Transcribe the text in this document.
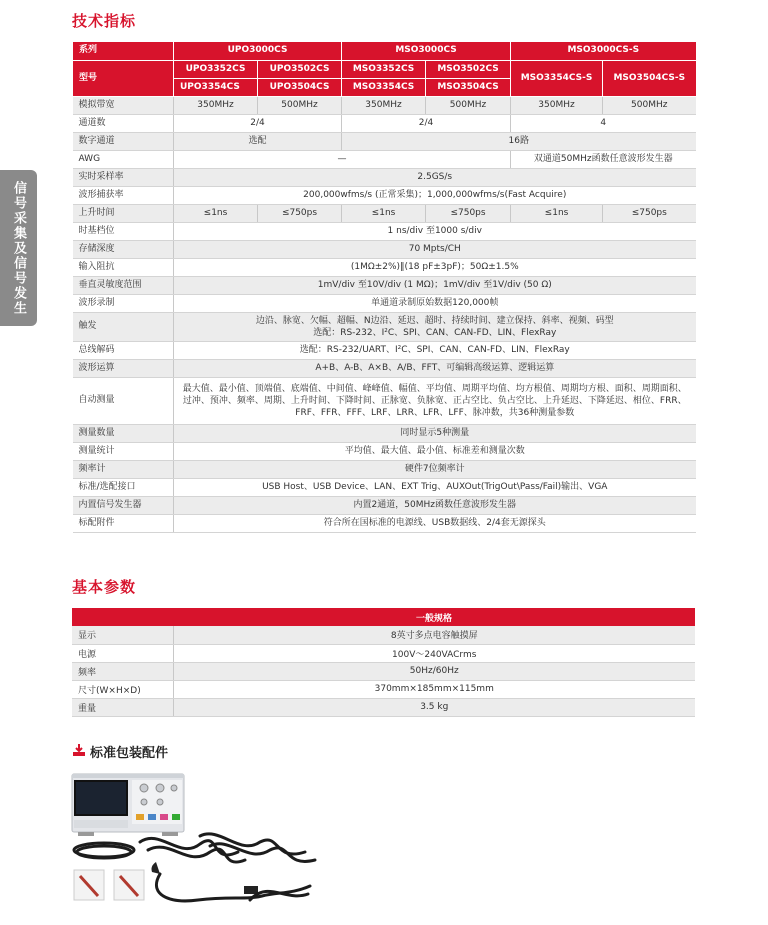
信号采集及信号发生
技术指标
系列	UPO3000CS		MSO3000CS		MSO3000CS-S	
型号	UPO3352CS	UPO3502CS	MSO3352CS	MSO3502CS	MSO3354CS-S	MSO3504CS-S
	UPO3354CS	UPO3504CS	MSO3354CS	MSO3504CS		
模拟带宽	350MHz	500MHz	350MHz	500MHz	350MHz	500MHz
通道数	2/4		2/4		4	
数字通道	选配		16路			
AWG	—				双通道50MHz函数任意波形发生器	
实时采样率	2.5GS/s					
波形捕获率	200,000wfms/s (正常采集)；1,000,000wfms/s(Fast Acquire)					
上升时间	≤1ns	≤750ps	≤1ns	≤750ps	≤1ns	≤750ps
时基档位	1 ns/div 至1000 s/div					
存储深度	70 Mpts/CH					
输入阻抗	(1MΩ±2%)‖(18 pF±3pF)；50Ω±1.5%					
垂直灵敏度范围	1mV/div 至10V/div (1 MΩ)；1mV/div 至1V/div (50 Ω)					
波形录制	单通道录制原始数据120,000帧					
触发	边沿、脉宽、欠幅、超幅、N边沿、延迟、超时、持续时间、建立保持、斜率、视频、码型
选配：RS-232、I²C、SPI、CAN、CAN-FD、LIN、FlexRay					

总线解码	选配：RS-232/UART、I²C、SPI、CAN、CAN-FD、LIN、FlexRay					
波形运算	A+B、A-B、A×B、A/B、FFT、可编辑高级运算、逻辑运算					
自动测量	最大值、最小值、顶端值、底端值、中间值、峰峰值、幅值、平均值、周期平均值、均方根值、周期均方根、面积、周期面积、
过冲、预冲、频率、周期、上升时间、下降时间、正脉宽、负脉宽、正占空比、负占空比、上升延迟、下降延迟、相位、FRR、
FRF、FFR、FFF、LRF、LRR、LFR、LFF、脉冲数，共36种测量参数					

测量数量	同时显示5种测量					
测量统计	平均值、最大值、最小值、标准差和测量次数					
频率计	硬件7位频率计					
标准/选配接口	USB Host、USB Device、LAN、EXT Trig、AUXOut(TrigOut\Pass/Fail)输出、VGA					
内置信号发生器	内置2通道，50MHz函数任意波形发生器					
标配附件	符合所在国标准的电源线、USB数据线、2/4套无源探头					
基本参数
	一般规格
显示	8英寸多点电容触摸屏
电源	100V～240VACrms
频率	50Hz/60Hz
尺寸(W×H×D)	370mm×185mm×115mm
重量	3.5 kg
标准包装配件
